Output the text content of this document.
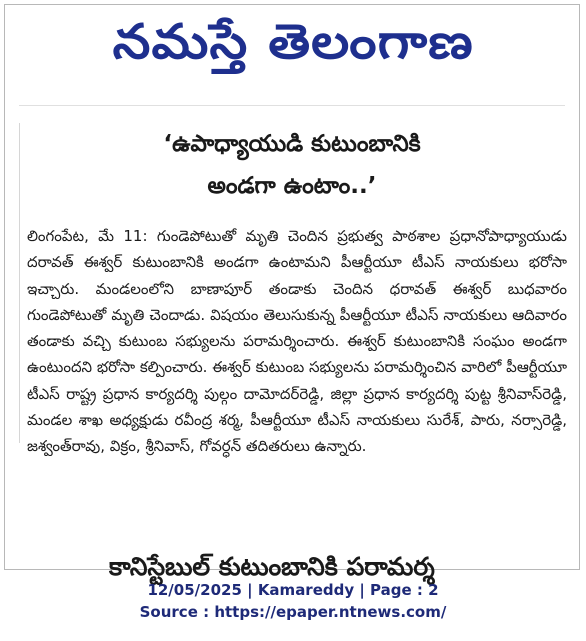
నమస్తే తెలంగాణ
‘ఉపాధ్యాయుడి కుటుంబానికి
అండగా ఉంటాం..’
లింగంపేట, మే 11: గుండెపోటుతో మృతి చెందిన ప్రభుత్వ పాఠశాల ప్రధానోపాధ్యాయుడు దరావత్ ఈశ్వర్ కుటుంబానికి అండగా ఉంటామని పీఆర్టీయూ టీఎస్ నాయకులు భరోసా ఇచ్చారు. మండలంలోని బాణాపూర్ తండాకు చెందిన ధరావత్ ఈశ్వర్ బుధవారం గుండెపోటుతో మృతి చెందాడు. విషయం తెలుసుకున్న పీఆర్టీయూ టీఎస్ నాయకులు ఆదివారం తండాకు వచ్చి కుటుంబ సభ్యులను పరామర్శించారు. ఈశ్వర్ కుటుంబానికి సంఘం అండగా ఉంటుందని భరోసా కల్పించారు. ఈశ్వర్ కుటుంబ సభ్యులను పరామర్శించిన వారిలో పీఆర్టీయూ టీఎస్ రాష్ట్ర ప్రధాన కార్యదర్శి పుల్గం దామోదర్‌రెడ్డి, జిల్లా ప్రధాన కార్యదర్శి పుట్ట శ్రీనివాస్‌రెడ్డి, మండల శాఖ అధ్యక్షుడు రవీంద్ర శర్మ, పీఆర్టీయూ టీఎస్ నాయకులు సురేశ్, పారు, నర్సారెడ్డి, జశ్వంత్‌రావు, విక్రం, శ్రీనివాస్, గోవర్ధన్ తదితరులు ఉన్నారు.
కానిస్టేబుల్ కుటుంబానికి పరామర్శ
12/05/2025 | Kamareddy | Page : 2
Source : https://epaper.ntnews.com/
